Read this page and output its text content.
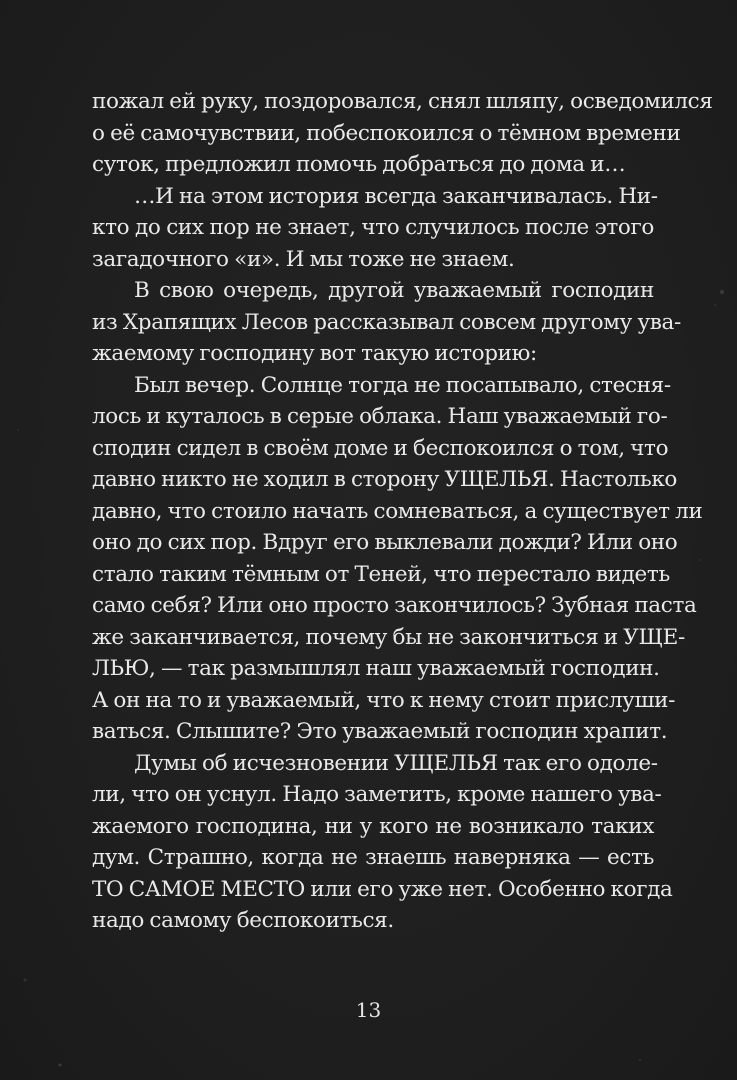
пожал ей руку, поздоровался, снял шляпу, осведомился
о её самочувствии, побеспокоился о тёмном времени
суток, предложил помочь добраться до дома и…
…И на этом история всегда заканчивалась. Ни-
кто до сих пор не знает, что случилось после этого
загадочного «и». И мы тоже не знаем.
В свою очередь, другой уважаемый господин
из Храпящих Лесов рассказывал совсем другому ува-
жаемому господину вот такую историю:
Был вечер. Солнце тогда не посапывало, стесня-
лось и куталось в серые облака. Наш уважаемый го-
сподин сидел в своём доме и беспокоился о том, что
давно никто не ходил в сторону УЩЕЛЬЯ. Настолько
давно, что стоило начать сомневаться, а существует ли
оно до сих пор. Вдруг его выклевали дожди? Или оно
стало таким тёмным от Теней, что перестало видеть
само себя? Или оно просто закончилось? Зубная паста
же заканчивается, почему бы не закончиться и УЩЕ-
ЛЬЮ, — так размышлял наш уважаемый господин.
А он на то и уважаемый, что к нему стоит прислуши-
ваться. Слышите? Это уважаемый господин храпит.
Думы об исчезновении УЩЕЛЬЯ так его одоле-
ли, что он уснул. Надо заметить, кроме нашего ува-
жаемого господина, ни у кого не возникало таких
дум. Страшно, когда не знаешь наверняка — есть
ТО САМОЕ МЕСТО или его уже нет. Особенно когда
надо самому беспокоиться.
13
